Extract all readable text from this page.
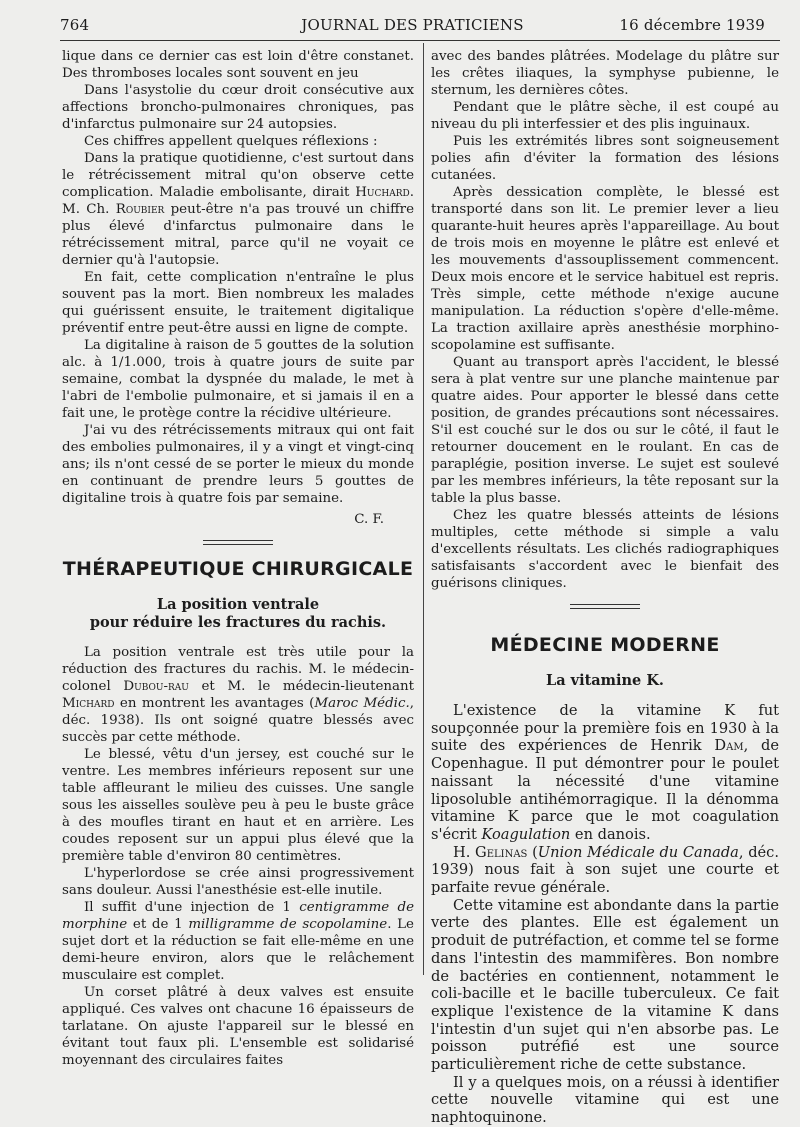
764	JOURNAL DES PRATICIENS	16 décembre 1939

lique dans ce dernier cas est loin d'être constanet. Des thromboses locales sont souvent en jeu

Dans l'asystolie du cœur droit consécutive aux affections broncho-pulmonaires chroniques, pas d'infarctus pulmonaire sur 24 autopsies.

Ces chiffres appellent quelques réflexions :

Dans la pratique quotidienne, c'est surtout dans le rétrécissement mitral qu'on observe cette complication. Maladie embolisante, dirait Huchard. M. Ch. Roubier peut-être n'a pas trouvé un chiffre plus élevé d'infarctus pulmonaire dans le rétrécissement mitral, parce qu'il ne voyait ce dernier qu'à l'autopsie.

En fait, cette complication n'entraîne le plus souvent pas la mort. Bien nombreux les malades qui guérissent ensuite, le traitement digitalique préventif entre peut-être aussi en ligne de compte.

La digitaline à raison de 5 gouttes de la solution alc. à 1/1.000, trois à quatre jours de suite par semaine, combat la dyspnée du malade, le met à l'abri de l'embolie pulmonaire, et si jamais il en a fait une, le protège contre la récidive ultérieure.

J'ai vu des rétrécissements mitraux qui ont fait des embolies pulmonaires, il y a vingt et vingt-cinq ans; ils n'ont cessé de se porter le mieux du monde en continuant de prendre leurs 5 gouttes de digitaline trois à quatre fois par semaine.

C. F.
THÉRAPEUTIQUE CHIRURGICALE
La position ventrale
pour réduire les fractures du rachis.

La position ventrale est très utile pour la réduction des fractures du rachis. M. le médecin-colonel Dubou-rau et M. le médecin-lieutenant Michard en montrent les avantages (Maroc Médic., déc. 1938). Ils ont soigné quatre blessés avec succès par cette méthode.

Le blessé, vêtu d'un jersey, est couché sur le ventre. Les membres inférieurs reposent sur une table affleurant le milieu des cuisses. Une sangle sous les aisselles soulève peu à peu le buste grâce à des moufles tirant en haut et en arrière. Les coudes reposent sur un appui plus élevé que la première table d'environ 80 centimètres.

L'hyperlordose se crée ainsi progressivement sans douleur. Aussi l'anesthésie est-elle inutile.

Il suffit d'une injection de 1 centigramme de morphine et de 1 milligramme de scopolamine. Le sujet dort et la réduction se fait elle-même en une demi-heure environ, alors que le relâchement musculaire est complet.

Un corset plâtré à deux valves est ensuite appliqué. Ces valves ont chacune 16 épaisseurs de tarlatane. On ajuste l'appareil sur le blessé en évitant tout faux pli. L'ensemble est solidarisé moyennant des circulaires faites

avec des bandes plâtrées. Modelage du plâtre sur les crêtes iliaques, la symphyse pubienne, le sternum, les dernières côtes.

Pendant que le plâtre sèche, il est coupé au niveau du pli interfessier et des plis inguinaux.

Puis les extrémités libres sont soigneusement polies afin d'éviter la formation des lésions cutanées.

Après dessication complète, le blessé est transporté dans son lit. Le premier lever a lieu quarante-huit heures après l'appareillage. Au bout de trois mois en moyenne le plâtre est enlevé et les mouvements d'assouplissement commencent. Deux mois encore et le service habituel est repris. Très simple, cette méthode n'exige aucune manipulation. La réduction s'opère d'elle-même. La traction axillaire après anesthésie morphino-scopolamine est suffisante.

Quant au transport après l'accident, le blessé sera à plat ventre sur une planche maintenue par quatre aides. Pour apporter le blessé dans cette position, de grandes précautions sont nécessaires. S'il est couché sur le dos ou sur le côté, il faut le retourner doucement en le roulant. En cas de paraplégie, position inverse. Le sujet est soulevé par les membres inférieurs, la tête reposant sur la table la plus basse.

Chez les quatre blessés atteints de lésions multiples, cette méthode si simple a valu d'excellents résultats. Les clichés radiographiques satisfaisants s'accordent avec le bienfait des guérisons cliniques.

MÉDECINE MODERNE
La vitamine K.

L'existence de la vitamine K fut soupçonnée pour la première fois en 1930 à la suite des expériences de Henrik Dam, de Copenhague. Il put démontrer pour le poulet naissant la nécessité d'une vitamine liposoluble antihémorragique. Il la dénomma vitamine K parce que le mot coagulation s'écrit Koagulation en danois.

H. Gelinas (Union Médicale du Canada, déc. 1939) nous fait à son sujet une courte et parfaite revue générale.

Cette vitamine est abondante dans la partie verte des plantes. Elle est également un produit de putréfaction, et comme tel se forme dans l'intestin des mammifères. Bon nombre de bactéries en contiennent, notamment le coli-bacille et le bacille tuberculeux. Ce fait explique l'existence de la vitamine K dans l'intestin d'un sujet qui n'en absorbe pas. Le poisson putréfié est une source particulièrement riche de cette substance.

Il y a quelques mois, on a réussi à identifier cette nouvelle vitamine qui est une naphtoquinone.
